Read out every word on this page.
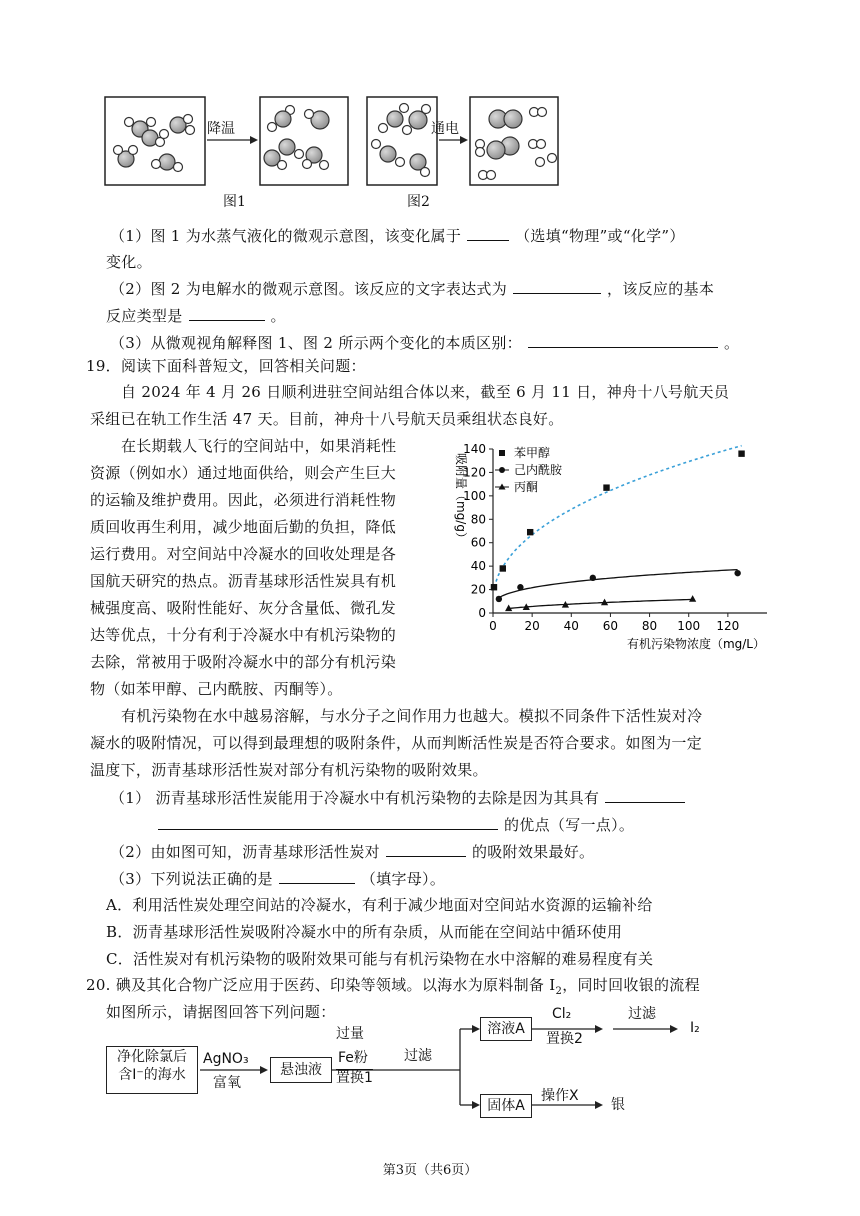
降温	通电
图1	图2
（1）图 1 为水蒸气液化的微观示意图，该变化属于	（选填“物理”或“化学”）
变化。
（2）图 2 为电解水的微观示意图。该反应的文字表达式为	，该反应的基本
反应类型是	。
（3）从微观视角解释图 1、图 2 所示两个变化的本质区别：	。
19．阅读下面科普短文，回答相关问题：
自 2024 年 4 月 26 日顺利进驻空间站组合体以来，截至 6 月 11 日，神舟十八号航天员
采组已在轨工作生活 47 天。目前，神舟十八号航天员乘组状态良好。
在长期载人飞行的空间站中，如果消耗性
资源（例如水）通过地面供给，则会产生巨大
的运输及维护费用。因此，必须进行消耗性物
质回收再生利用，减少地面后勤的负担，降低
运行费用。对空间站中冷凝水的回收处理是各
国航天研究的热点。沥青基球形活性炭具有机
械强度高、吸附性能好、灰分含量低、微孔发
达等优点，十分有利于冷凝水中有机污染物的
去除，常被用于吸附冷凝水中的部分有机污染
物（如苯甲醇、己内酰胺、丙酮等）。
0 20 40 60 80 100 120
0
20
40
60
80
100
120
140
有机污染物浓度（mg/L）
吸附量（mg/g）	苯甲醇
己内酰胺
丙酮
有机污染物在水中越易溶解，与水分子之间作用力也越大。模拟不同条件下活性炭对冷
凝水的吸附情况，可以得到最理想的吸附条件，从而判断活性炭是否符合要求。如图为一定
温度下，沥青基球形活性炭对部分有机污染物的吸附效果。
（1） 沥青基球形活性炭能用于冷凝水中有机污染物的去除是因为其具有
的优点（写一点）。
（2）由如图可知，沥青基球形活性炭对	的吸附效果最好。
（3）下列说法正确的是	（填字母）。
A．利用活性炭处理空间站的冷凝水，有利于减少地面对空间站水资源的运输补给
B．沥青基球形活性炭吸附冷凝水中的所有杂质，从而能在空间站中循环使用
C．活性炭对有机污染物的吸附效果可能与有机污染物在水中溶解的难易程度有关
20. 碘及其化合物广泛应用于医药、印染等领域。以海水为原料制备 $I_2$，同时回收银的流程
如图所示，请据图回答下列问题：
净化除氯后
含I⁻的海水
AgNO₃
富氧
悬浊液
过量
Fe粉
置换1
过滤
溶液A
Cl₂
置换2
过滤
I₂
固体A
操作X
银
第3页（共6页）
